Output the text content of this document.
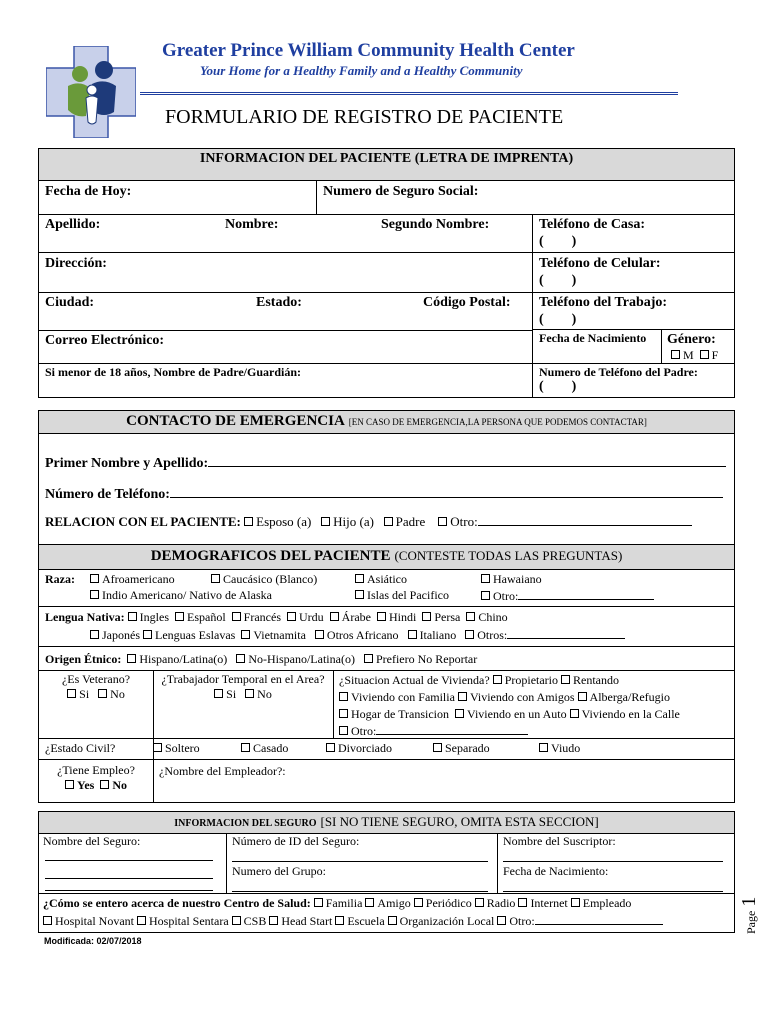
Greater Prince William Community Health Center
Your Home for a Healthy Family and a Healthy Community
FORMULARIO DE REGISTRO DE PACIENTE
INFORMACION DEL PACIENTE (LETRA DE IMPRENTA)
Fecha de Hoy:	Numero de Seguro Social:
Apellido:	Nombre:	Segundo Nombre:	Teléfono de Casa:
(        )
Dirección:	Teléfono de Celular:
(        )
Ciudad:	Estado:	Código Postal: Teléfono del Trabajo:
(        )
Correo Electrónico:	Fecha de Nacimiento Género:
M F
Si menor de 18 años, Nombre de Padre/Guardián:	Numero de Teléfono del Padre:
(        )
CONTACTO DE EMERGENCIA [EN CASO DE EMERGENCIA,LA PERSONA QUE PODEMOS CONTACTAR]
Primer Nombre y Apellido:
Número de Teléfono:
RELACION CON EL PACIENTE: Esposo (a) Hijo (a) Padre Otro:
DEMOGRAFICOS DEL PACIENTE (CONTESTE TODAS LAS PREGUNTAS)
Raza:	Afroamericano	Caucásico (Blanco)	Asiático	Hawaiano
Indio Americano/ Nativo de Alaska	Islas del Pacifico	Otro:
Lengua Nativa: Ingles Español Francés Urdu Árabe Hindi Persa Chino
Japonés Lenguas Eslavas Vietnamita Otros Africano Italiano Otros:
Origen Étnico: Hispano/Latina(o) No-Hispano/Latina(o) Prefiero No Reportar
¿Es Veterano?
Si No
¿Trabajador Temporal en el Area?
Si No
¿Situacion Actual de Vivienda? Propietario Rentando
Viviendo con Familia Viviendo con Amigos Alberga/Refugio
Hogar de Transicion Viviendo en un Auto Viviendo en la Calle
Otro:
¿Estado Civil?	Soltero	Casado	Divorciado	Separado	Viudo
¿Tiene Empleo?
Yes No
¿Nombre del Empleador?:
INFORMACION DEL SEGURO [SI NO TIENE SEGURO, OMITA ESTA SECCION]
Nombre del Seguro:	Número de ID del Seguro:
Numero del Grupo:
Nombre del Suscriptor:
Fecha de Nacimiento:
¿Cómo se entero acerca de nuestro Centro de Salud: Familia Amigo Periódico Radio Internet Empleado
Hospital Novant Hospital Sentara CSB Head Start Escuela Organización Local Otro:
Modificada: 02/07/2018
Page 1
